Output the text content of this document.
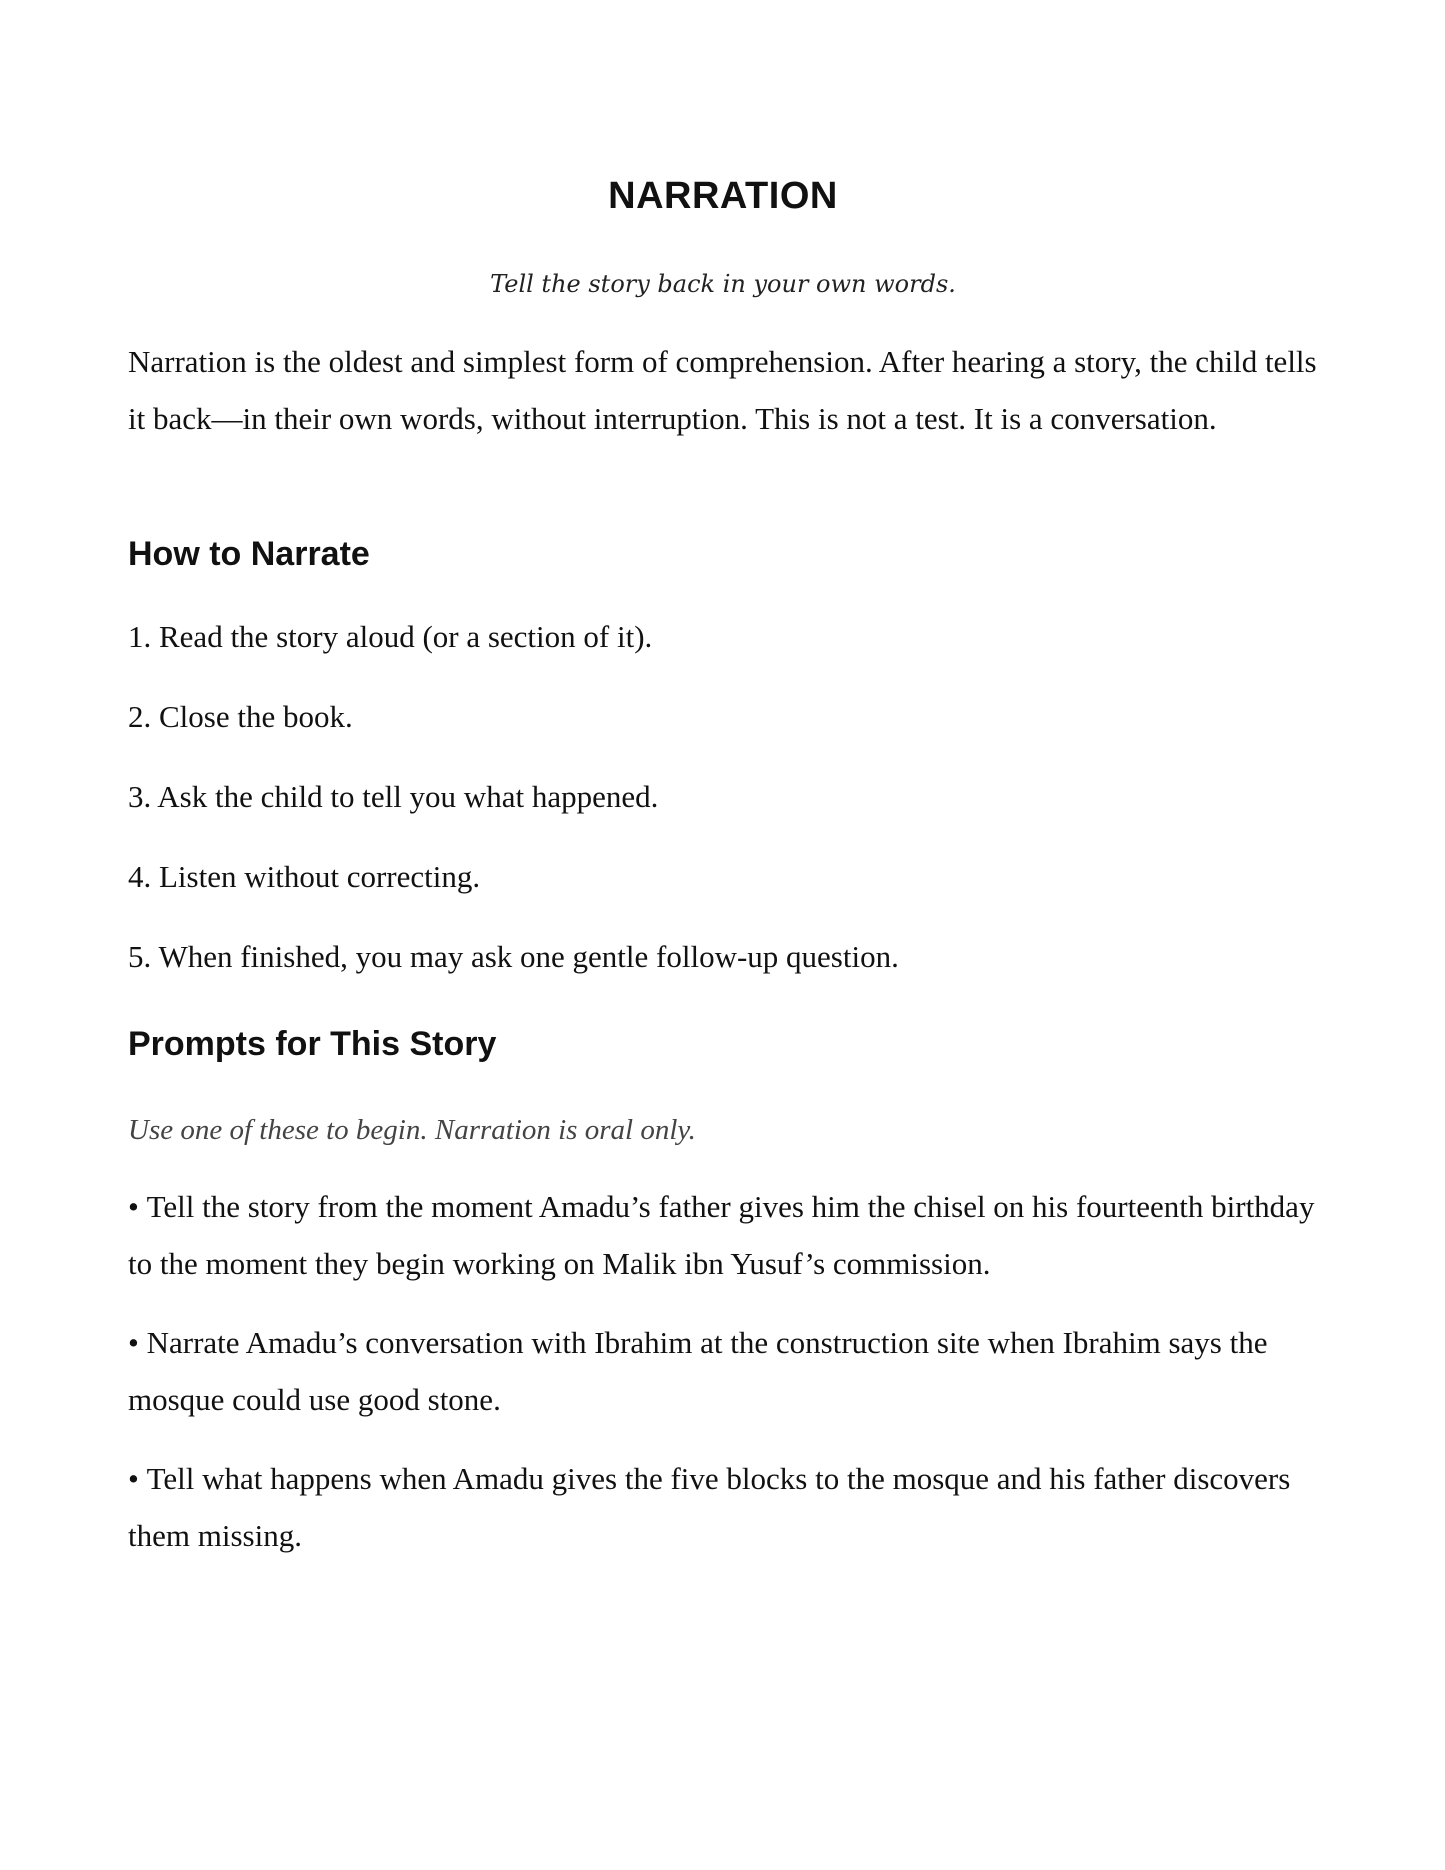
NARRATION

Tell the story back in your own words.

Narration is the oldest and simplest form of comprehension. After hearing a story, the child tells it back—in their own words, without interruption. This is not a test. It is a conversation.

How to Narrate
1. Read the story aloud (or a section of it).
2. Close the book.
3. Ask the child to tell you what happened.
4. Listen without correcting.
5. When finished, you may ask one gentle follow-up question.
Prompts for This Story

Use one of these to begin. Narration is oral only.

• Tell the story from the moment Amadu’s father gives him the chisel on his fourteenth birthday to the moment they begin working on Malik ibn Yusuf’s commission.
• Narrate Amadu’s conversation with Ibrahim at the construction site when Ibrahim says the mosque could use good stone.
• Tell what happens when Amadu gives the five blocks to the mosque and his father discovers them missing.
